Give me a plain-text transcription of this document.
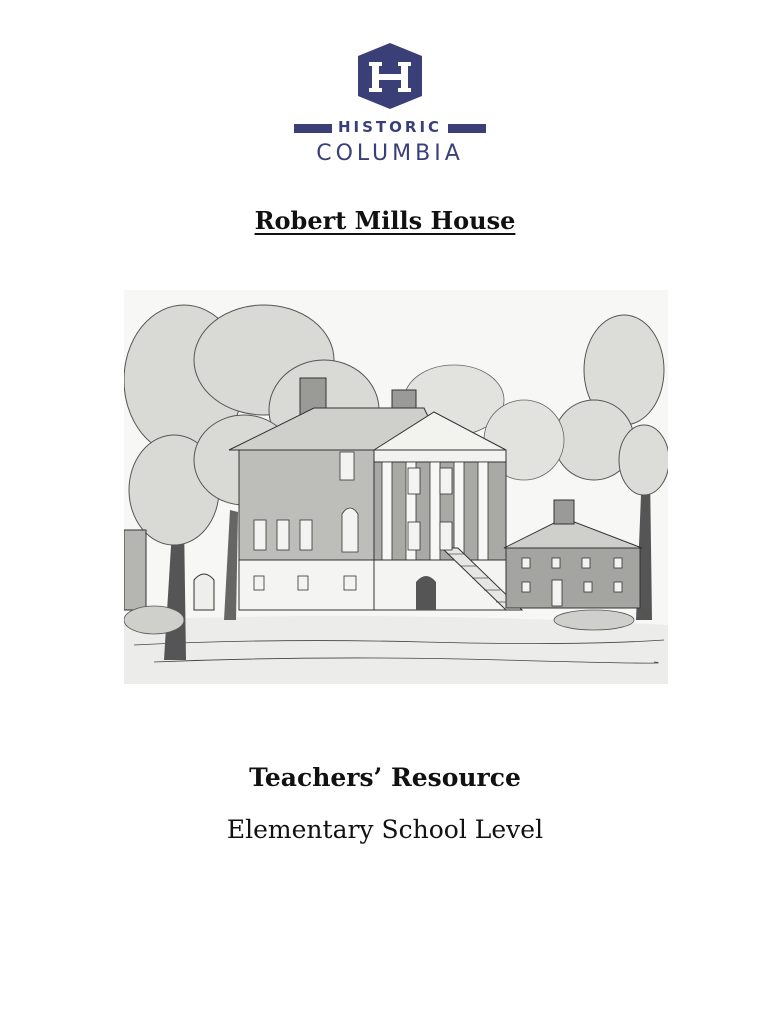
HISTORIC
COLUMBIA
Robert Mills House
Teachers’ Resource

Elementary School Level
